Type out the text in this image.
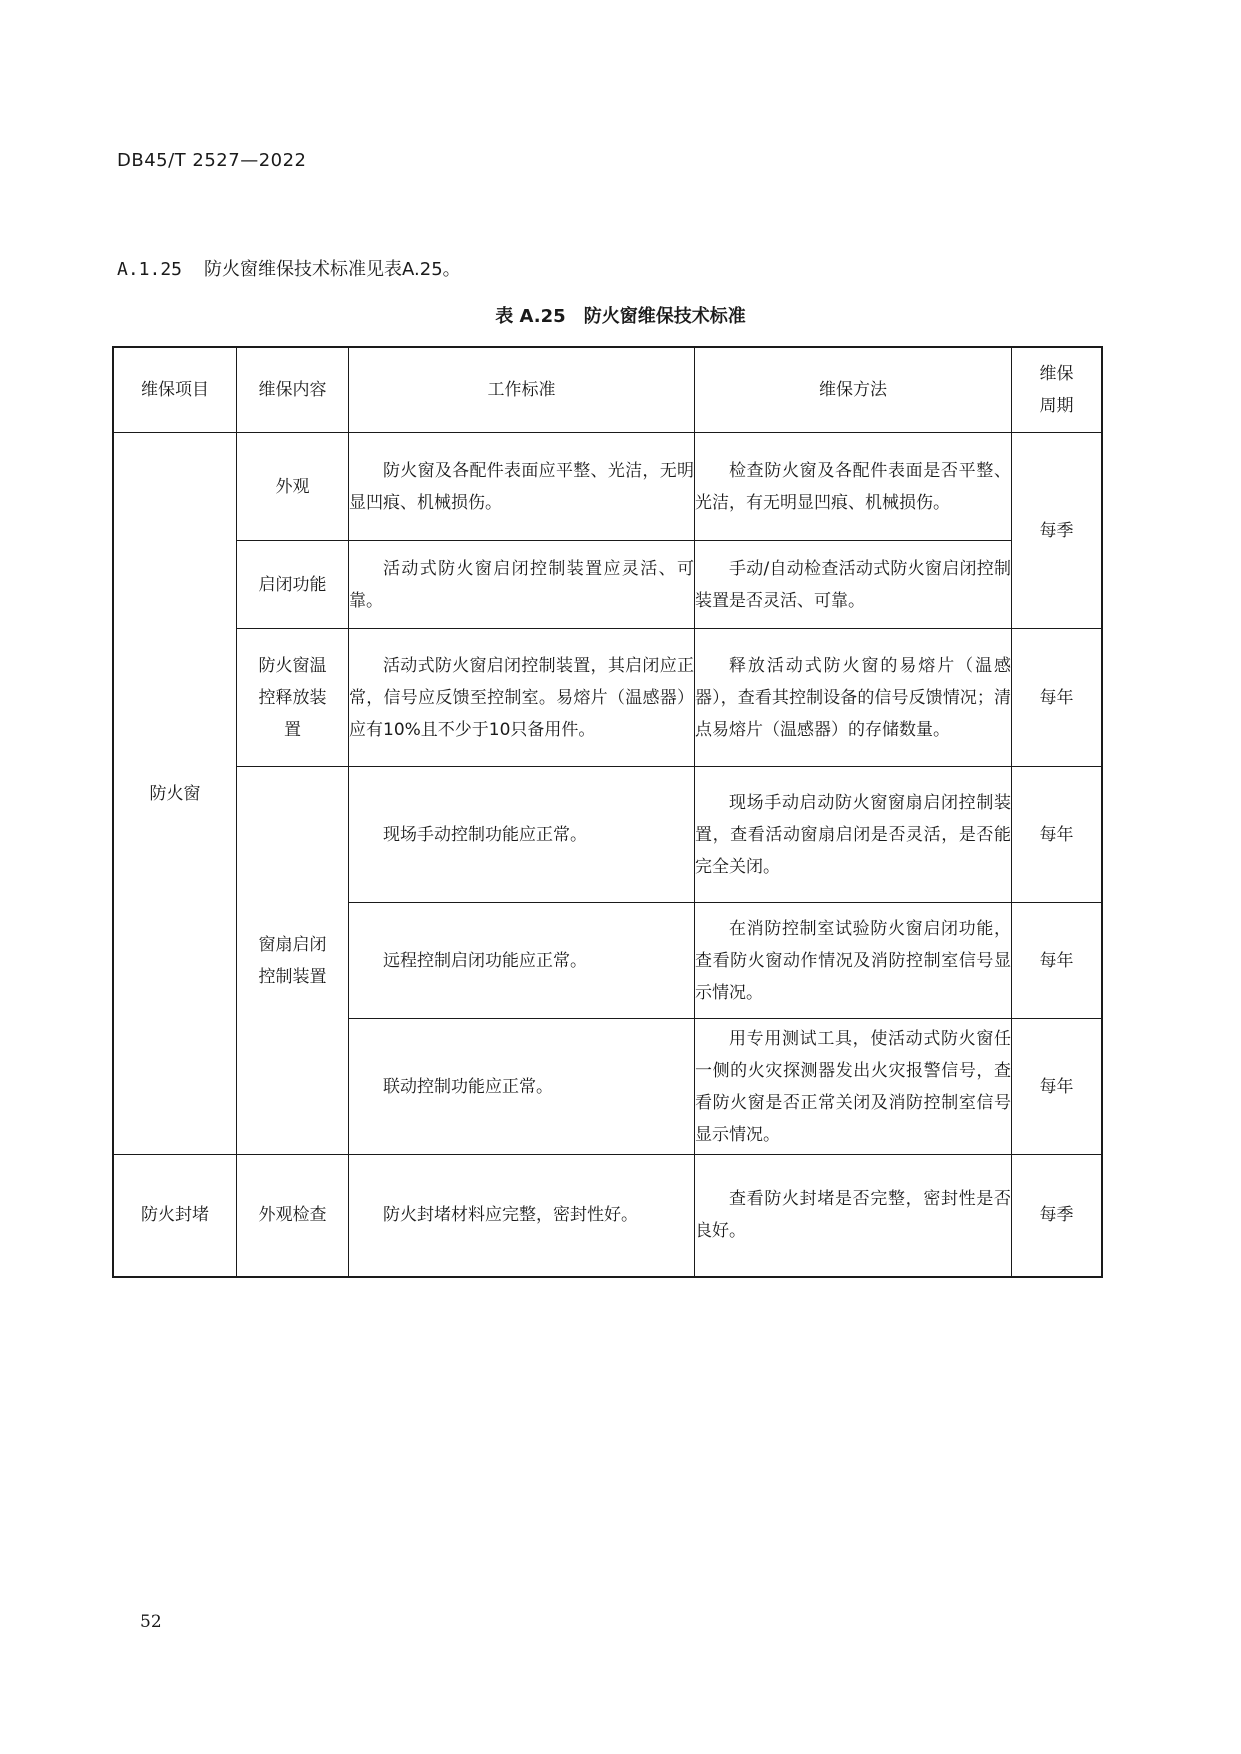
DB45/T 2527—2022
A.1.25 防火窗维保技术标准见表A.25。
表 A.25 防火窗维保技术标准
维保项目	维保内容	工作标准	维保方法	维保
周期

防火窗	外观	防火窗及各配件表面应平整、光洁，无明显凹痕、机械损伤。	检查防火窗及各配件表面是否平整、光洁，有无明显凹痕、机械损伤。	每季
	启闭功能	活动式防火窗启闭控制装置应灵活、可靠。	手动/自动检查活动式防火窗启闭控制装置是否灵活、可靠。	

	防火窗温
控释放装
置	活动式防火窗启闭控制装置，其启闭应正常，信号应反馈至控制室。易熔片（温感器）应有10%且不少于10只备用件。	释放活动式防火窗的易熔片（温感器），查看其控制设备的信号反馈情况；清点易熔片（温感器）的存储数量。	每年

	窗扇启闭
控制装置	现场手动控制功能应正常。	现场手动启动防火窗窗扇启闭控制装置，查看活动窗扇启闭是否灵活，是否能完全关闭。	每年

		远程控制启闭功能应正常。	在消防控制室试验防火窗启闭功能，查看防火窗动作情况及消防控制室信号显示情况。	每年

		联动控制功能应正常。	用专用测试工具，使活动式防火窗任一侧的火灾探测器发出火灾报警信号，查看防火窗是否正常关闭及消防控制室信号显示情况。	每年
防火封堵	外观检查	防火封堵材料应完整，密封性好。	查看防火封堵是否完整，密封性是否良好。	每季
52
